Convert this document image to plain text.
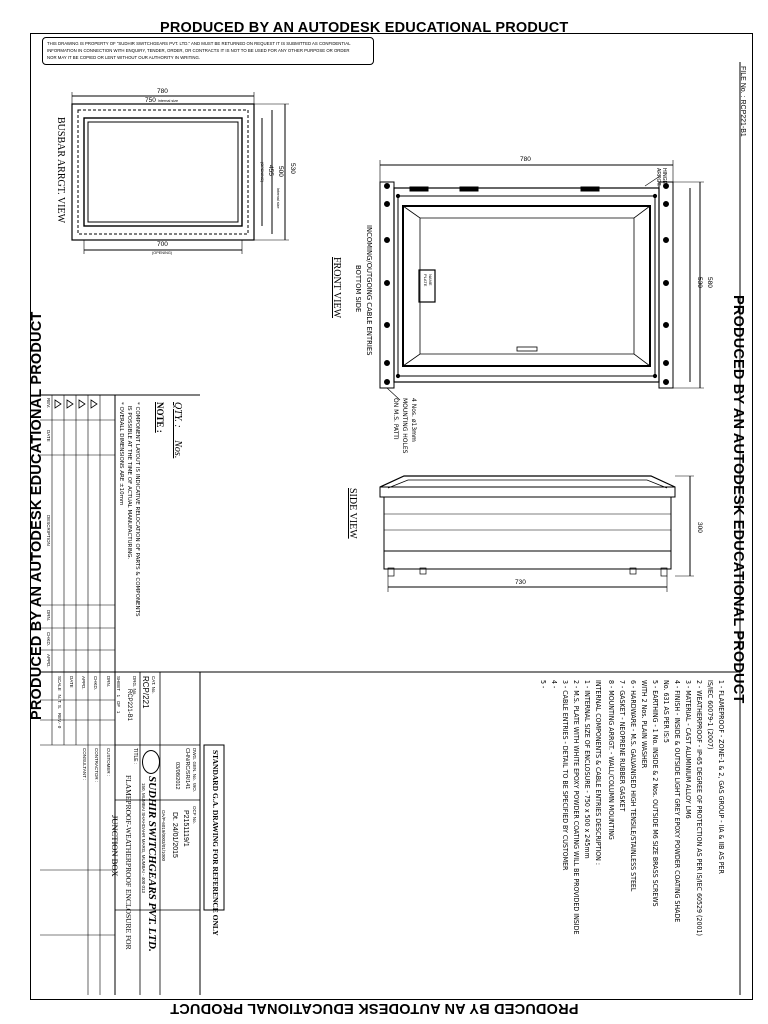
PRODUCED BY AN AUTODESK EDUCATIONAL PRODUCT
PRODUCED BY AN AUTODESK EDUCATIONAL PRODUCT
PRODUCED BY AN AUTODESK EDUCATIONAL PRODUCT	PRODUCED BY AN AUTODESK EDUCATIONAL PRODUCT
THIS DRAWING IS PROPERTY OF "SUDHIR SWITCHGEARS PVT. LTD." AND MUST BE RETURNED ON REQUEST IT IS SUBMITTED AS CONFIDENTIAL
INFORMATION IN CONNECTION WITH ENQUIRY, TENDER, ORDER, OR CONTRACTS IT IS NOT TO BE USED FOR ANY OTHER PURPOSE OR ORDER
NOR MAY IT BE COPIED OR LENT WITHOUT OUR AUTHORITY IN WRITING.
FILE No. : RCP221-B1
780
750 Internal size
700
(OPENING)
530
500
Internal size
455
(OPENING)
BUSBAR ARRGT. VIEW	780
580
530
HINGE ARRGT.
NAME PLATE
FRONT VIEW	INCOMING/OUTGOING CABLE ENTRIES
BOTTOM SIDE
4 Nos. ø13mm
MOUNTING HOLES
ON M.S. PATTI
SIDE VIEW	300
730
1 - FLAMEPROOF - ZONE-1 & 2, GAS GROUP - IIA & IIB AS PER
IS/IEC 60079-1 (2007)
2 - WEATHERPROOF - IP-65 DEGREE OF PROTECTION AS PER IS/IEC 60529 (2001)
3 - MATERIAL - CAST ALUMINIUM ALLOY LM6
4 - FINISH - INSIDE & OUTSIDE LIGHT GREY EPOXY POWDER COATING SHADE
No. 631 AS PER IS:5
5 - EARTHING - 1 No. INSIDE & 2 Nos. OUTSIDE M6 SIZE BRASS SCREWS
WITH 2 Nos. PLAIN WASHER
6 - HARDWARE - M.S. GALVANISED HIGH TENSILE/STAINLESS STEEL
7 - GASKET - NEOPRENE RUBBER GASKET
8 - MOUNTING ARRGT. - WALL/COLUMN MOUNTING
INTERNAL COMPONENTS & CABLE ENTRIES DESCRIPTION :
1 - INTERNAL SIZE OF ENCLOSURE - 750 x 500 x 245mm
2 - M.S. PLATE WITH WHITE EPOXY POWDER COATING WILL BE PROVIDED INSIDE
3 - CABLE ENTRIES - DETAIL TO BE SPECIFIED BY CUSTOMER
4 -
5 -
QTY. :     Nos.
NOTE :
* COMPONENT LAYOUT IS INDICATIVE RELOCATION OF PARTS & COMPONENTS
IS POSSIBLE AT THE TIME OF ACTUAL MANUFACTURING.
* OVERALL DIMENSIONS ARE ±10mm
REV.
DATE
DESCRIPTION
DRN.
CHKD.
APPD.
CAT. No.
RCP/221
DRG. No.
RCP221-B1
SHEET   1   OF   1
DRN.
CHKD.
APPD.
DATE
SCALE   N. T. S.   REV.- 0
DWG. GEN. No.
CHN/RC/SR/141
03/08/2012	WO.
OCF No.
P2151119/1
Dt. 24/01/2015
OA/P-6019/0003/01/1000
SUDHIR SWITCHGEARS PVT. LTD.
150, MUMBAI SHAHDAHR MARG, MUMBAI - 400 013
TITLE :
FLAMEPROOF-WEATHERPROOF ENCLOSURE FOR
JUNCTION BOX
CUSTOMER :
CONTRACTOR :
CONSULTANT :	STANDARD G.A. DRAWING FOR REFERENCE ONLY
